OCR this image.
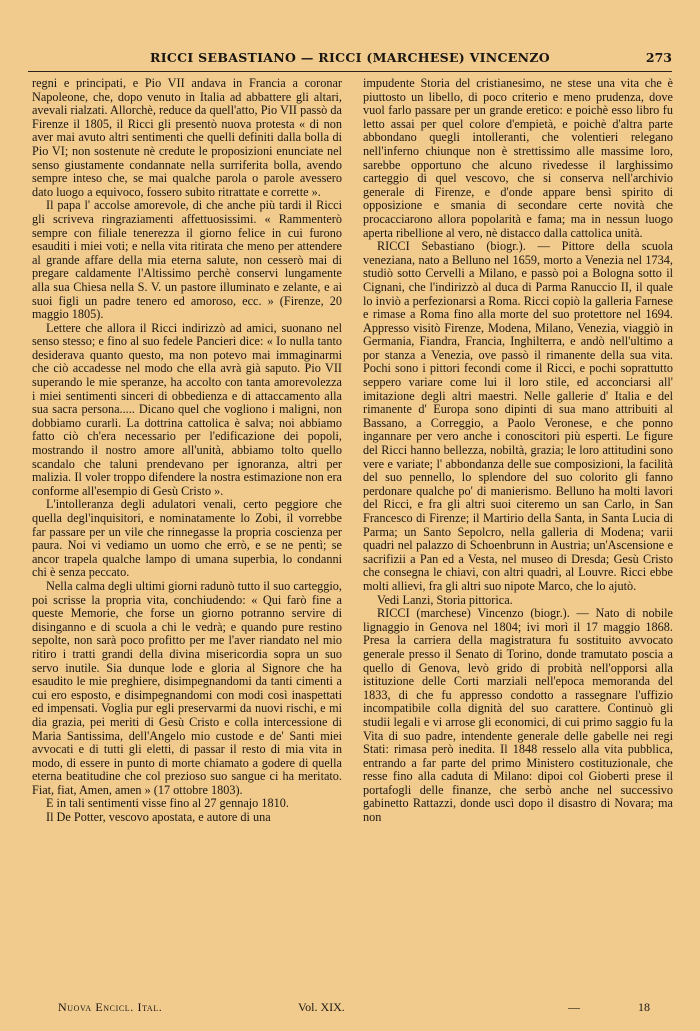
RICCI SEBASTIANO — RICCI (MARCHESE) VINCENZO	273

regni e principati, e Pio VII andava in Francia a coronar Napoleone, che, dopo venuto in Italia ad abbattere gli altari, avevali rialzati. Allorchè, reduce da quell'atto, Pio VII passò da Firenze il 1805, il Ricci gli presentò nuova protesta « di non aver mai avuto altri sentimenti che quelli definiti dalla bolla di Pio VI; non sostenute nè credute le proposizioni enunciate nel senso giustamente condannate nella surriferita bolla, avendo sempre inteso che, se mai qualche parola o parole avessero dato luogo a equivoco, fossero subito ritrattate e corrette ».

Il papa l' accolse amorevole, di che anche più tardi il Ricci gli scriveva ringraziamenti affettuosissimi. « Rammenterò sempre con filiale tenerezza il giorno felice in cui furono esauditi i miei voti; e nella vita ritirata che meno per attendere al grande affare della mia eterna salute, non cesserò mai di pregare caldamente l'Altissimo perchè conservi lungamente alla sua Chiesa nella S. V. un pastore illuminato e zelante, e ai suoi figli un padre tenero ed amoroso, ecc. » (Firenze, 20 maggio 1805).

Lettere che allora il Ricci indirizzò ad amici, suonano nel senso stesso; e fino al suo fedele Pancieri dice: « Io nulla tanto desiderava quanto questo, ma non potevo mai immaginarmi che ciò accadesse nel modo che ella avrà già saputo. Pio VII superando le mie speranze, ha accolto con tanta amorevolezza i miei sentimenti sinceri di obbedienza e di attaccamento alla sua sacra persona..... Dicano quel che vogliono i maligni, non dobbiamo curarli. La dottrina cattolica è salva; noi abbiamo fatto ciò ch'era necessario per l'edificazione dei popoli, mostrando il nostro amore all'unità, abbiamo tolto quello scandalo che taluni prendevano per ignoranza, altri per malizia. Il voler troppo difendere la nostra estimazione non era conforme all'esempio di Gesù Cristo ».

L'intolleranza degli adulatori venali, certo peggiore che quella degl'inquisitori, e nominatamente lo Zobi, il vorrebbe far passare per un vile che rinnegasse la propria coscienza per paura. Noi vi vediamo un uomo che errò, e se ne pentì; se ancor trapela qualche lampo di umana superbia, lo condanni chi è senza peccato.

Nella calma degli ultimi giorni radunò tutto il suo carteggio, poi scrisse la propria vita, conchiudendo: « Qui farò fine a queste Memorie, che forse un giorno potranno servire di disinganno e di scuola a chi le vedrà; e quando pure restino sepolte, non sarà poco profitto per me l'aver riandato nel mio ritiro i tratti grandi della divina misericordia sopra un suo servo inutile. Sia dunque lode e gloria al Signore che ha esaudito le mie preghiere, disimpegnandomi da tanti cimenti a cui ero esposto, e disimpegnandomi con modi così inaspettati ed impensati. Voglia pur egli preservarmi da nuovi rischi, e mi dia grazia, pei meriti di Gesù Cristo e colla intercessione di Maria Santissima, dell'Angelo mio custode e de' Santi miei avvocati e di tutti gli eletti, di passar il resto di mia vita in modo, di essere in punto di morte chiamato a godere di quella eterna beatitudine che col prezioso suo sangue ci ha meritato. Fiat, fiat, Amen, amen » (17 ottobre 1803).

E in tali sentimenti visse fino al 27 gennajo 1810.

Il De Potter, vescovo apostata, e autore di una

impudente Storia del cristianesimo, ne stese una vita che è piuttosto un libello, di poco criterio e meno prudenza, dove vuol farlo passare per un grande eretico: e poichè esso libro fu letto assai per quel colore d'empietà, e poichè d'altra parte abbondano quegli intolleranti, che volentieri relegano nell'inferno chiunque non è strettissimo alle massime loro, sarebbe opportuno che alcuno rivedesse il larghissimo carteggio di quel vescovo, che si conserva nell'archivio generale di Firenze, e d'onde appare bensì spirito di opposizione e smania di secondare certe novità che procacciarono allora popolarità e fama; ma in nessun luogo aperta ribellione al vero, nè distacco dalla cattolica unità.

RICCI Sebastiano (biogr.). — Pittore della scuola veneziana, nato a Belluno nel 1659, morto a Venezia nel 1734, studiò sotto Cervelli a Milano, e passò poi a Bologna sotto il Cignani, che l'indirizzò al duca di Parma Ranuccio II, il quale lo inviò a perfezionarsi a Roma. Ricci copiò la galleria Farnese e rimase a Roma fino alla morte del suo protettore nel 1694. Appresso visitò Firenze, Modena, Milano, Venezia, viaggiò in Germania, Fiandra, Francia, Inghilterra, e andò nell'ultimo a por stanza a Venezia, ove passò il rimanente della sua vita. Pochi sono i pittori fecondi come il Ricci, e pochi soprattutto seppero variare come lui il loro stile, ed acconciarsi all' imitazione degli altri maestri. Nelle gallerie d' Italia e del rimanente d' Europa sono dipinti di sua mano attribuiti al Bassano, a Correggio, a Paolo Veronese, e che ponno ingannare per vero anche i conoscitori più esperti. Le figure del Ricci hanno bellezza, nobiltà, grazia; le loro attitudini sono vere e variate; l' abbondanza delle sue composizioni, la facilità del suo pennello, lo splendore del suo colorito gli fanno perdonare qualche po' di manierismo. Belluno ha molti lavori del Ricci, e fra gli altri suoi citeremo un san Carlo, in San Francesco di Firenze; il Martirio della Santa, in Santa Lucia di Parma; un Santo Sepolcro, nella galleria di Modena; varii quadri nel palazzo di Schoenbrunn in Austria; un'Ascensione e sacrifizii a Pan ed a Vesta, nel museo di Dresda; Gesù Cristo che consegna le chiavi, con altri quadri, al Louvre. Ricci ebbe molti allievi, fra gli altri suo nipote Marco, che lo ajutò.

Vedi Lanzi, Storia pittorica.

RICCI (marchese) Vincenzo (biogr.). — Nato di nobile lignaggio in Genova nel 1804; ivi morì il 17 maggio 1868. Presa la carriera della magistratura fu sostituito avvocato generale presso il Senato di Torino, donde tramutato poscia a quello di Genova, levò grido di probità nell'opporsi alla istituzione delle Corti marziali nell'epoca memoranda del 1833, di che fu appresso condotto a rassegnare l'uffizio incompatibile colla dignità del suo carattere. Continuò gli studii legali e vi arrose gli economici, di cui primo saggio fu la Vita di suo padre, intendente generale delle gabelle nei regi Stati: rimasa però inedita. Il 1848 resselo alla vita pubblica, entrando a far parte del primo Ministero costituzionale, che resse fino alla caduta di Milano: dipoi col Gioberti prese il portafogli delle finanze, che serbò anche nel successivo gabinetto Rattazzi, donde uscì dopo il disastro di Novara; ma non

Nuova Encicl. Ital.	Vol. XIX.	—	18
